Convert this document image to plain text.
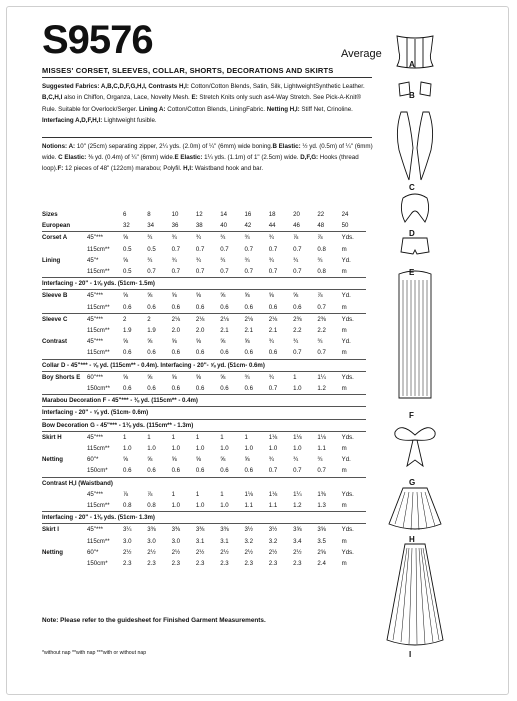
S9576	Average
MISSES' CORSET, SLEEVES, COLLAR, SHORTS, DECORATIONS AND SKIRTS

Suggested Fabrics: A,B,C,D,F,G,H,I, Contrasts H,I: Cotton/Cotton Blends, Satin, Silk, LightweightSynthetic Leather. B,C,H,I also in Chiffon, Organza, Lace, Novelty Mesh. E: Stretch Knits only such as4-Way Stretch. See Pick-A-Knit® Rule. Suitable for Overlock/Serger. Lining A: Cotton/Cotton Blends, LiningFabric. Netting H,I: Stiff Net, Crinoline. Interfacing A,D,F,H,I: Lightweight fusible.

Notions: A: 10" (25cm) separating zipper, 2¼ yds. (2.0m) of ¼" (6mm) wide boning.B Elastic: ½ yd. (0.5m) of ¼" (6mm) wide. C Elastic: ⅜ yd. (0.4m) of ¼" (6mm) wide.E Elastic: 1¼ yds. (1.1m) of 1" (2.5cm) wide. D,F,G: Hooks (thread loop).F: 12 pieces of 48" (122cm) marabou; Polyfil. H,I: Waistband hook and bar.

Sizes		6	8	10	12	14	16	18	20	22	24
European		32	34	36	38	40	42	44	46	48	50
Corset A	45"***	⅝	¾	¾	¾	¾	¾	¾	⅞	⅞	Yds.
	115cm**	0.5	0.5	0.7	0.7	0.7	0.7	0.7	0.7	0.8	m
Lining	45"*	⅝	¾	¾	¾	¾	¾	¾	¾	¾	Yd.
	115cm**	0.5	0.7	0.7	0.7	0.7	0.7	0.7	0.7	0.8	m
Interfacing - 20" - 1⅝ yds. (51cm- 1.5m)											
Sleeve B	45"***	⅝	⅝	⅝	⅝	⅝	⅝	⅝	⅝	⅞	Yd.
	115cm**	0.6	0.6	0.6	0.6	0.6	0.6	0.6	0.6	0.7	m
Sleeve C	45"***	2	2	2⅛	2⅛	2⅛	2⅛	2⅛	2⅜	2⅜	Yds.
	115cm**	1.9	1.9	2.0	2.0	2.1	2.1	2.1	2.2	2.2	m
Contrast	45"***	⅝	⅝	⅝	⅝	⅝	⅝	¾	¾	¾	Yd.
	115cm**	0.6	0.6	0.6	0.6	0.6	0.6	0.6	0.7	0.7	m
Collar D - 45"*** - ⅝ yd. (115cm** - 0.4m). Interfacing - 20"- ⅝ yd. (51cm- 0.6m)											
Boy Shorts E	60"***	⅝	⅝	⅝	⅝	⅝	¾	¾	1	1¼	Yds.
	150cm**	0.6	0.6	0.6	0.6	0.6	0.6	0.7	1.0	1.2	m
Marabou Decoration F - 45"*** - ⅜ yd. (115cm** - 0.4m)											
Interfacing - 20" - ⅝ yd. (51cm- 0.6m)											
Bow Decoration G - 45"*** - 1⅜ yds. (115cm** - 1.3m)											
Skirt H	45"***	1	1	1	1	1	1	1⅛	1⅛	1⅛	Yds.
	115cm**	1.0	1.0	1.0	1.0	1.0	1.0	1.0	1.0	1.1	m
Netting	60"*	⅝	⅝	⅝	⅝	⅝	⅝	¾	¾	¾	Yd.
	150cm*	0.6	0.6	0.6	0.6	0.6	0.6	0.7	0.7	0.7	m
Contrast H,I (Waistband)											
	45"***	⅞	⅞	1	1	1	1⅛	1⅛	1¼	1⅜	Yds.
	115cm**	0.8	0.8	1.0	1.0	1.0	1.1	1.1	1.2	1.3	m
Interfacing - 20" - 1⅜ yds. (51cm- 1.3m)											
Skirt I	45"***	3¼	3⅜	3⅜	3⅜	3⅜	3½	3½	3⅝	3⅝	Yds.
	115cm**	3.0	3.0	3.0	3.1	3.1	3.2	3.2	3.4	3.5	m
Netting	60"*	2½	2½	2½	2½	2½	2½	2½	2½	2⅝	Yds.
	150cm*	2.3	2.3	2.3	2.3	2.3	2.3	2.3	2.3	2.4	m
Note: Please refer to the guidesheet for Finished Garment Measurements.
*without nap **with nap ***with or without nap
A
B
C
D
E
F
G
H
I
